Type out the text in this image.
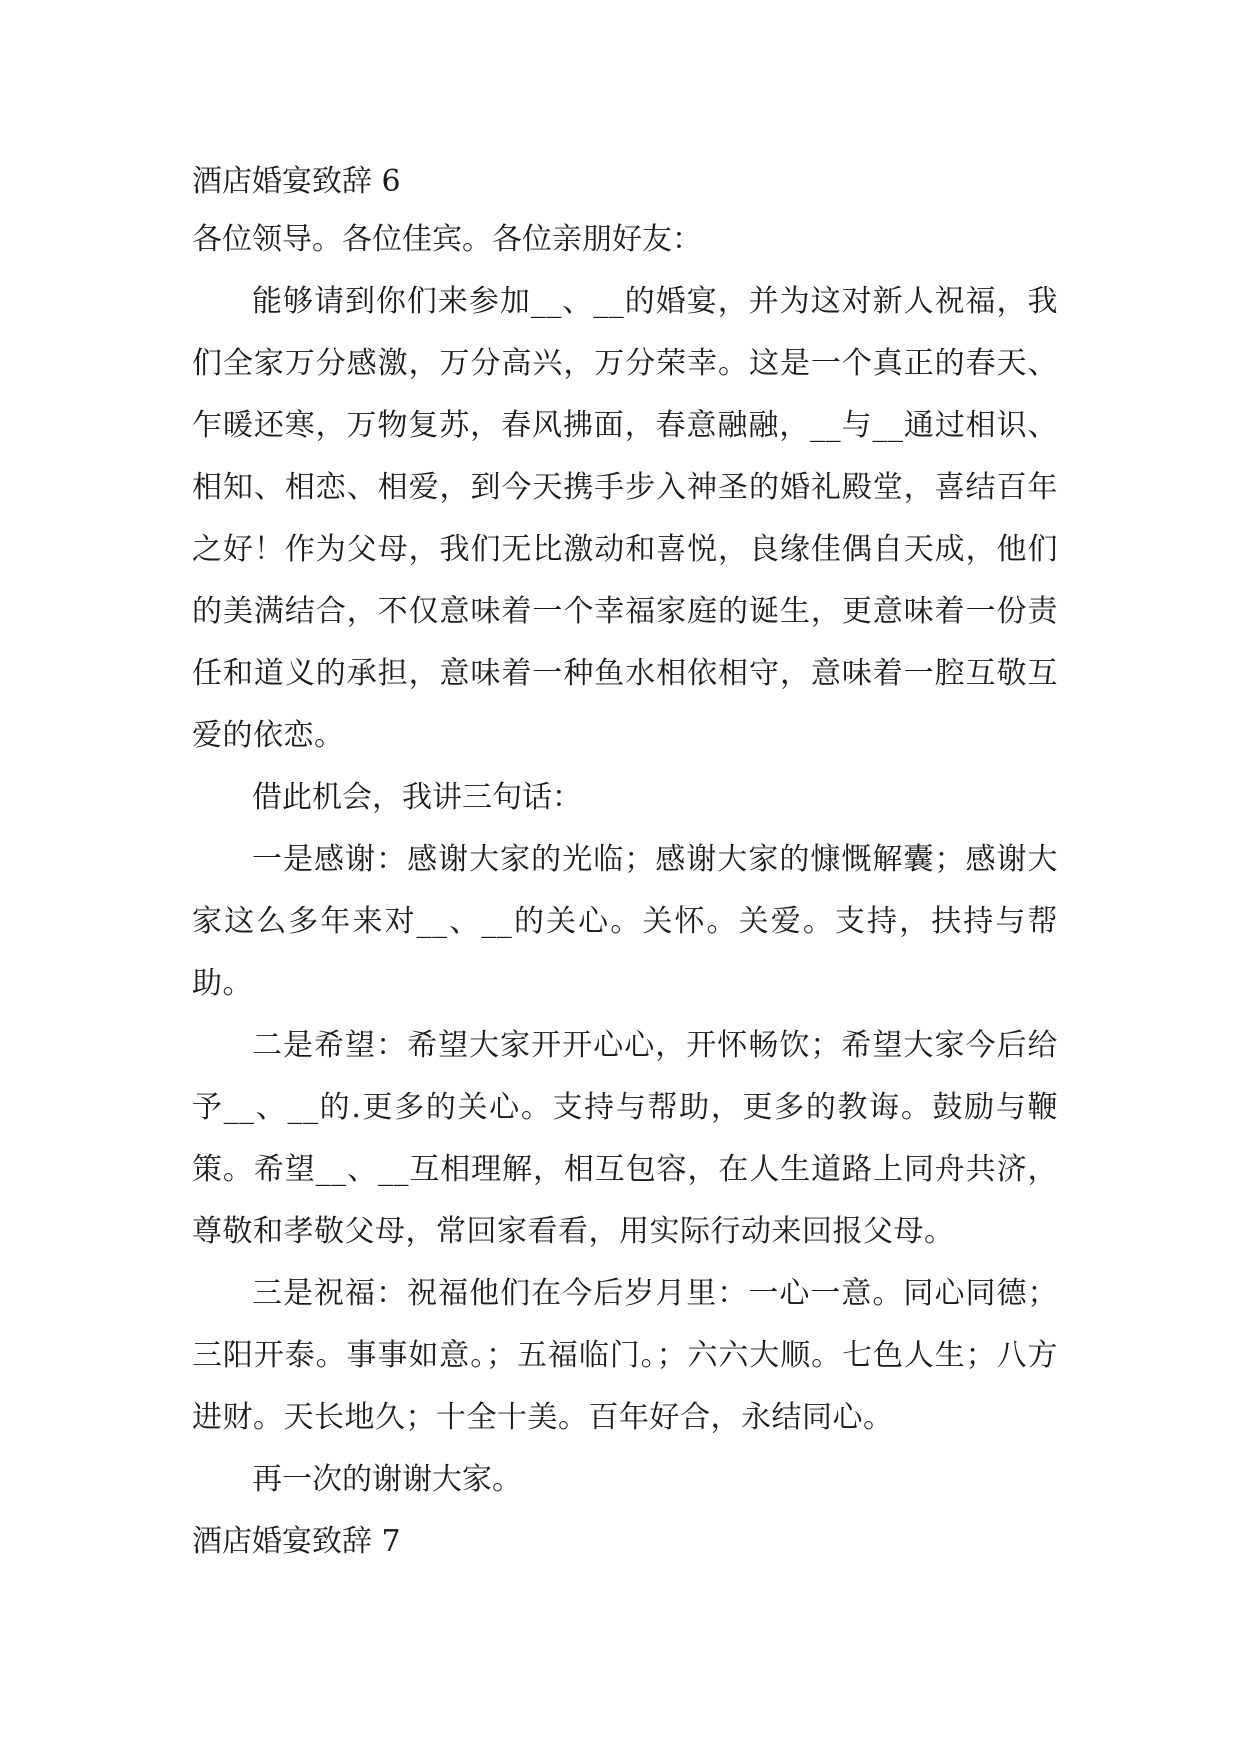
酒店婚宴致辞 6
各位领导。各位佳宾。各位亲朋好友：

能够请到你们来参加__、__的婚宴，并为这对新人祝福，我们全家万分感激，万分高兴，万分荣幸。这是一个真正的春天、乍暖还寒，万物复苏，春风拂面，春意融融，__与__通过相识、相知、相恋、相爱，到今天携手步入神圣的婚礼殿堂，喜结百年之好！作为父母，我们无比激动和喜悦，良缘佳偶自天成，他们的美满结合，不仅意味着一个幸福家庭的诞生，更意味着一份责任和道义的承担，意味着一种鱼水相依相守，意味着一腔互敬互爱的依恋。

借此机会，我讲三句话：

一是感谢：感谢大家的光临；感谢大家的慷慨解囊；感谢大家这么多年来对__、__的关心。关怀。关爱。支持，扶持与帮助。

二是希望：希望大家开开心心，开怀畅饮；希望大家今后给予__、__的.更多的关心。支持与帮助，更多的教诲。鼓励与鞭策。希望__、__互相理解，相互包容，在人生道路上同舟共济，尊敬和孝敬父母，常回家看看，用实际行动来回报父母。

三是祝福：祝福他们在今后岁月里：一心一意。同心同德；三阳开泰。事事如意。；五福临门。；六六大顺。七色人生；八方进财。天长地久；十全十美。百年好合，永结同心。

再一次的谢谢大家。

酒店婚宴致辞 7
